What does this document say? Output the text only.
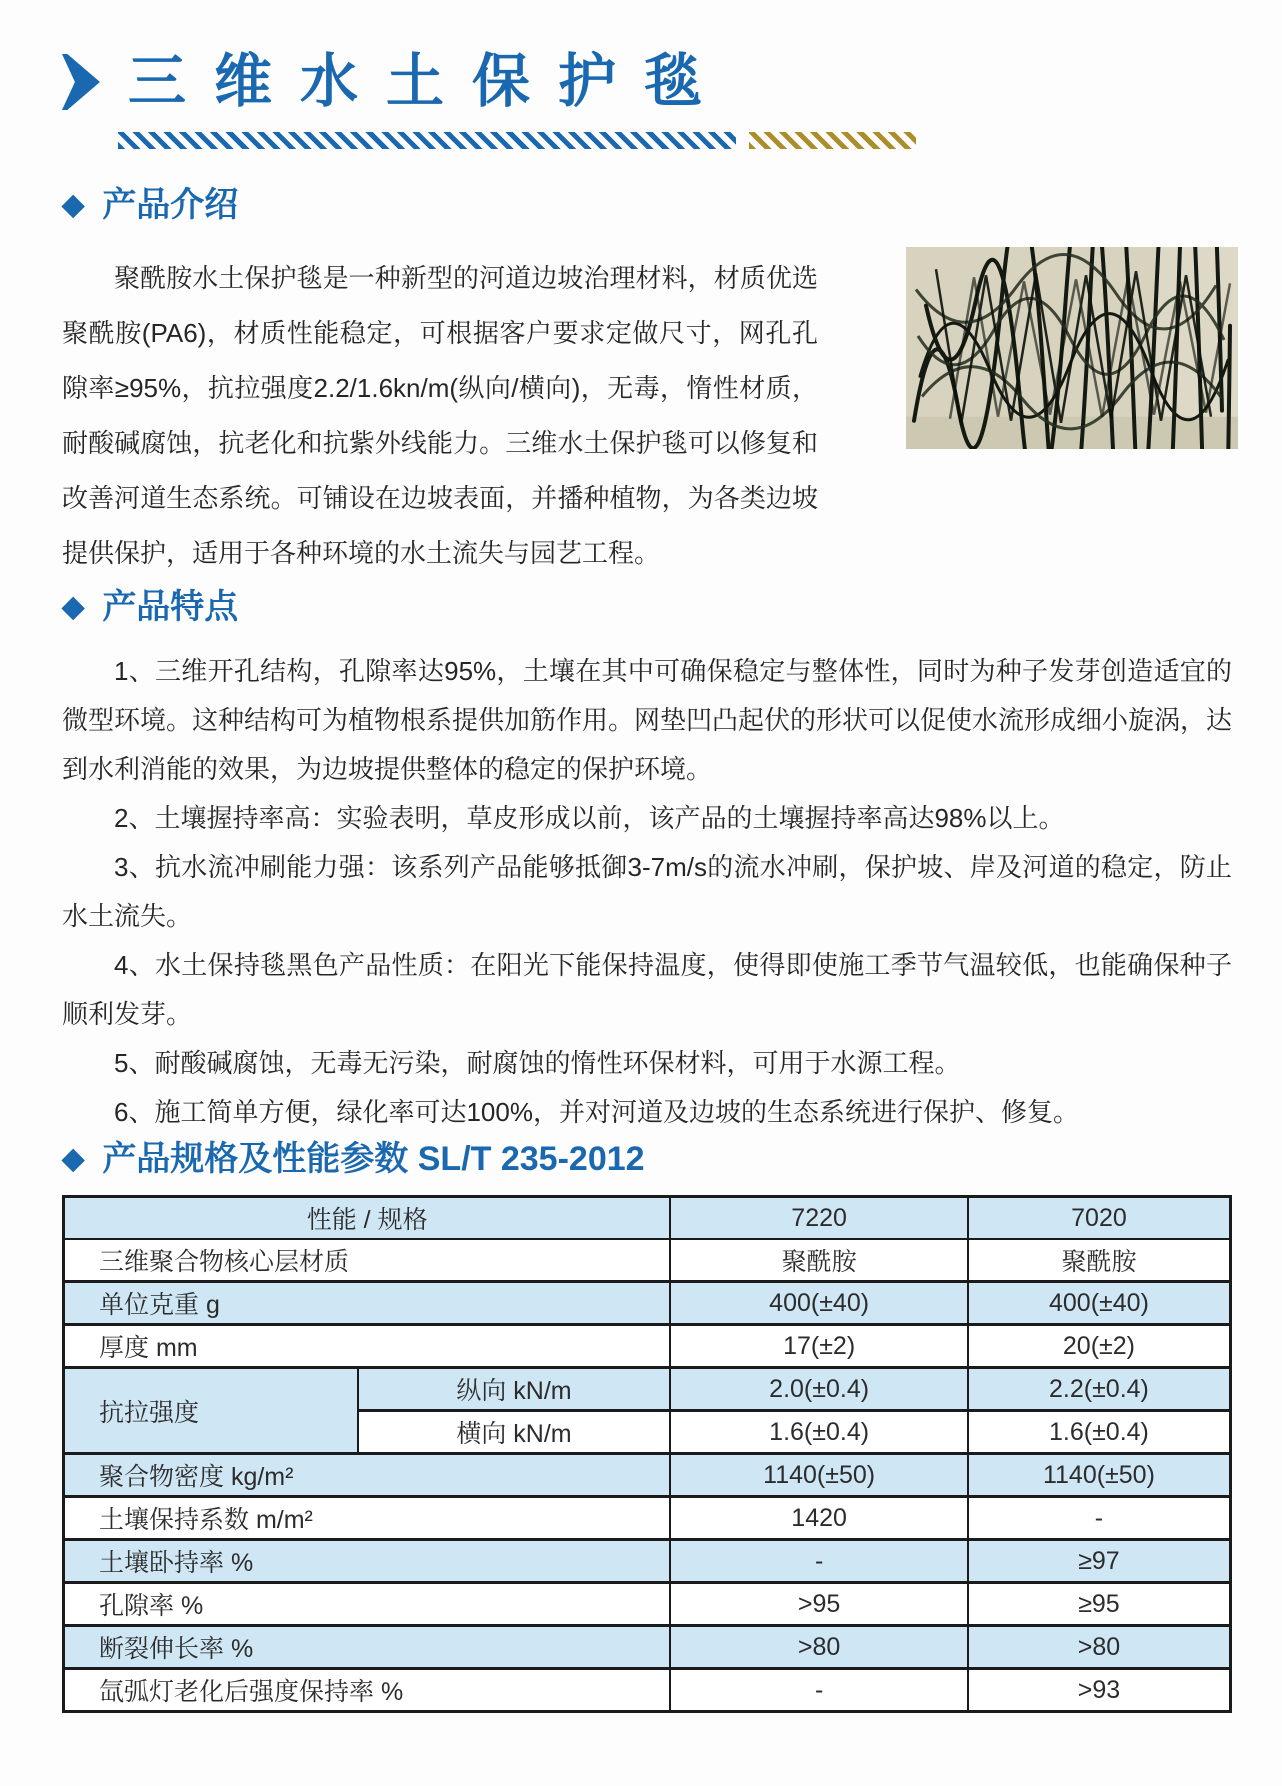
三维水土保护毯
◆ 产品介绍

聚酰胺水土保护毯是一种新型的河道边坡治理材料，材质优选聚酰胺(PA6)，材质性能稳定，可根据客户要求定做尺寸，网孔孔隙率≥95%，抗拉强度2.2/1.6kn/m(纵向/横向)，无毒，惰性材质，耐酸碱腐蚀，抗老化和抗紫外线能力。三维水土保护毯可以修复和改善河道生态系统。可铺设在边坡表面，并播种植物，为各类边坡提供保护，适用于各种环境的水土流失与园艺工程。

◆ 产品特点

1、三维开孔结构，孔隙率达95%，土壤在其中可确保稳定与整体性，同时为种子发芽创造适宜的微型环境。这种结构可为植物根系提供加筋作用。网垫凹凸起伏的形状可以促使水流形成细小旋涡，达到水利消能的效果，为边坡提供整体的稳定的保护环境。

2、土壤握持率高：实验表明，草皮形成以前，该产品的土壤握持率高达98%以上。

3、抗水流冲刷能力强：该系列产品能够抵御3-7m/s的流水冲刷，保护坡、岸及河道的稳定，防止水土流失。

4、水土保持毯黑色产品性质：在阳光下能保持温度，使得即使施工季节气温较低，也能确保种子顺利发芽。

5、耐酸碱腐蚀，无毒无污染，耐腐蚀的惰性环保材料，可用于水源工程。

6、施工简单方便，绿化率可达100%，并对河道及边坡的生态系统进行保护、修复。

◆ 产品规格及性能参数 SL/T 235-2012
性能 / 规格		7220	7020
三维聚合物核心层材质		聚酰胺	聚酰胺
单位克重 g		400(±40)	400(±40)
厚度 mm		17(±2)	20(±2)
抗拉强度	纵向 kN/m	2.0(±0.4)	2.2(±0.4)
	横向 kN/m	1.6(±0.4)	1.6(±0.4)
聚合物密度 kg/m²		1140(±50)	1140(±50)
土壤保持系数 m/m²		1420	-
土壤卧持率 %		-	≥97
孔隙率 %		>95	≥95
断裂伸长率 %		>80	>80
氙弧灯老化后强度保持率 %		-	>93
